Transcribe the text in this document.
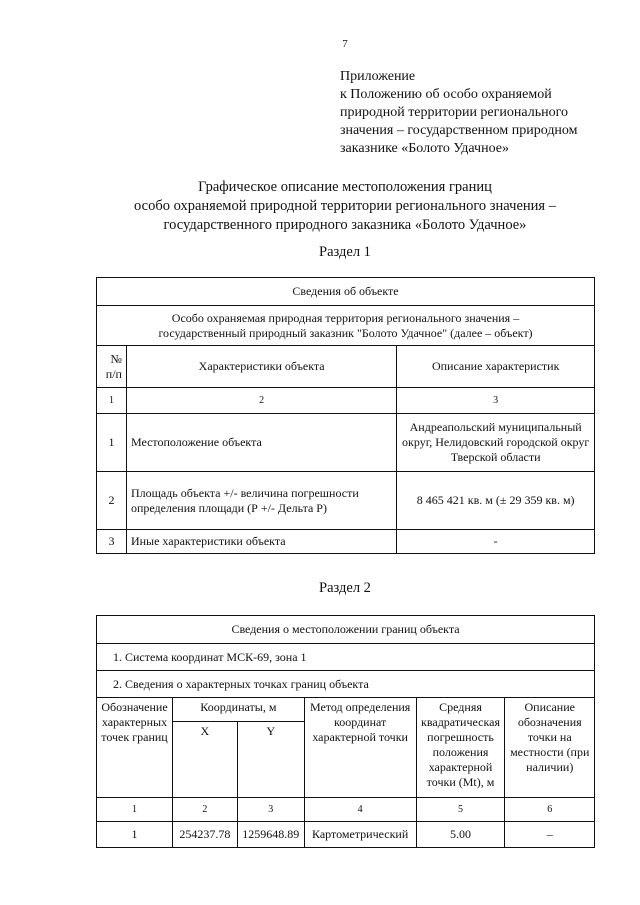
7
Приложение
к Положению об особо охраняемой
природной территории регионального
значения – государственном природном
заказнике «Болото Удачное»
Графическое описание местоположения границ
особо охраняемой природной территории регионального значения –
государственного природного заказника «Болото Удачное»
Раздел 1
Сведения об объекте		

Особо охраняемая природная территория регионального значения –
государственный природный заказник "Болото Удачное" (далее – объект)		

№ п/п	Характеристики объекта	Описание характеристик
1	2	3
1	Местоположение объекта	Андреапольский муниципальный округ, Нелидовский городской округ Тверской области
2	Площадь объекта +/- величина погрешности определения площади (Р +/- Дельта Р)	8 465 421 кв. м (± 29 359 кв. м)
3	Иные характеристики объекта	-
Раздел 2
Сведения о местоположении границ объекта					
1. Система координат МСК-69, зона 1					
2. Сведения о характерных точках границ объекта					
Обозначение характерных точек границ	Координаты, м		Метод определения координат характерной точки	Средняя квадратическая погрешность положения характерной точки (Mt), м	Описание обозначения точки на местности (при наличии)
	X	Y			
1	2	3	4	5	6
1	254237.78	1259648.89	Картометрический	5.00	–
